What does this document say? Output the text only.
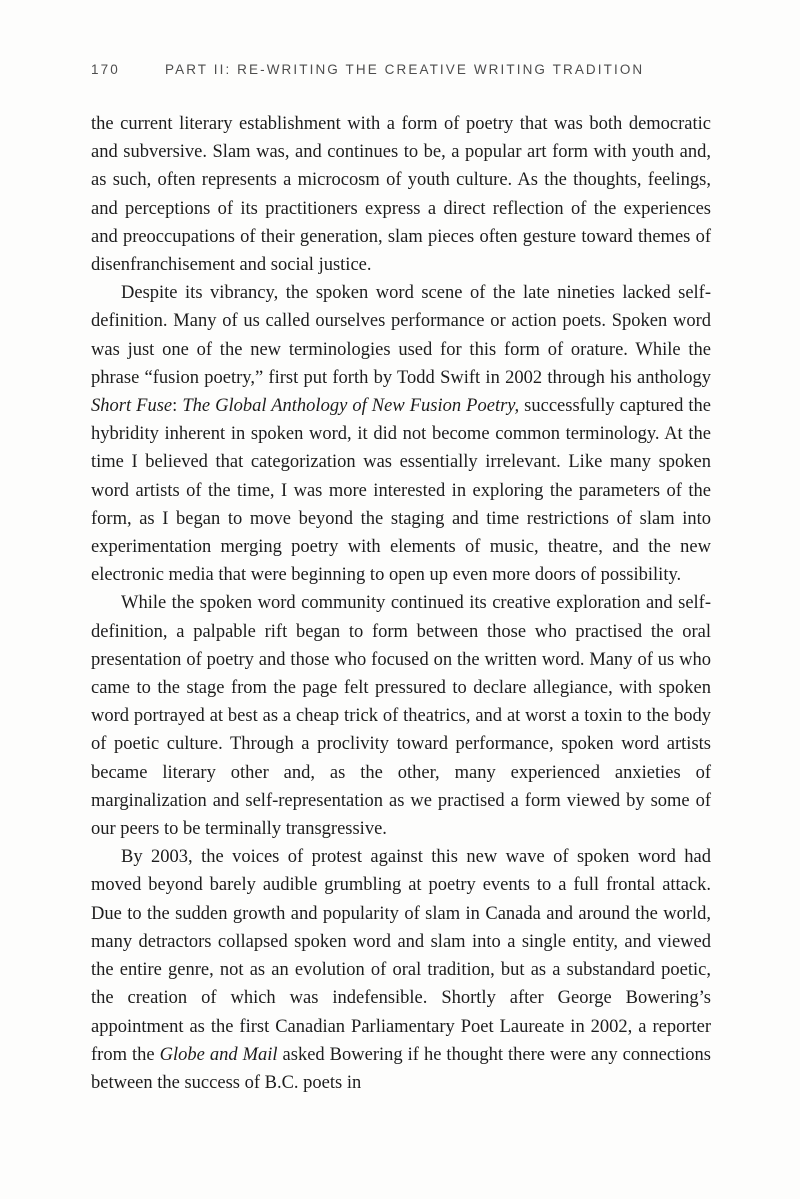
170	PART II: RE-WRITING THE CREATIVE WRITING TRADITION

the current literary establishment with a form of poetry that was both democratic and subversive. Slam was, and continues to be, a popular art form with youth and, as such, often represents a microcosm of youth culture. As the thoughts, feelings, and perceptions of its practitioners express a direct reflection of the experiences and preoccupations of their generation, slam pieces often gesture toward themes of disenfranchisement and social justice.

Despite its vibrancy, the spoken word scene of the late nineties lacked self-definition. Many of us called ourselves performance or action poets. Spoken word was just one of the new terminologies used for this form of orature. While the phrase “fusion poetry,” first put forth by Todd Swift in 2002 through his anthology Short Fuse: The Global Anthology of New Fusion Poetry, successfully captured the hybridity inherent in spoken word, it did not become common terminology. At the time I believed that categorization was essentially irrelevant. Like many spoken word artists of the time, I was more interested in exploring the parameters of the form, as I began to move beyond the staging and time restrictions of slam into experimentation merging poetry with elements of music, theatre, and the new electronic media that were beginning to open up even more doors of possibility.

While the spoken word community continued its creative exploration and self-definition, a palpable rift began to form between those who practised the oral presentation of poetry and those who focused on the written word. Many of us who came to the stage from the page felt pressured to declare allegiance, with spoken word portrayed at best as a cheap trick of theatrics, and at worst a toxin to the body of poetic culture. Through a proclivity toward performance, spoken word artists became literary other and, as the other, many experienced anxieties of marginalization and self-representation as we practised a form viewed by some of our peers to be terminally transgressive.

By 2003, the voices of protest against this new wave of spoken word had moved beyond barely audible grumbling at poetry events to a full frontal attack. Due to the sudden growth and popularity of slam in Canada and around the world, many detractors collapsed spoken word and slam into a single entity, and viewed the entire genre, not as an evolution of oral tradition, but as a substandard poetic, the creation of which was indefensible. Shortly after George Bowering’s appointment as the first Canadian Parliamentary Poet Laureate in 2002, a reporter from the Globe and Mail asked Bowering if he thought there were any connections between the success of B.C. poets in
